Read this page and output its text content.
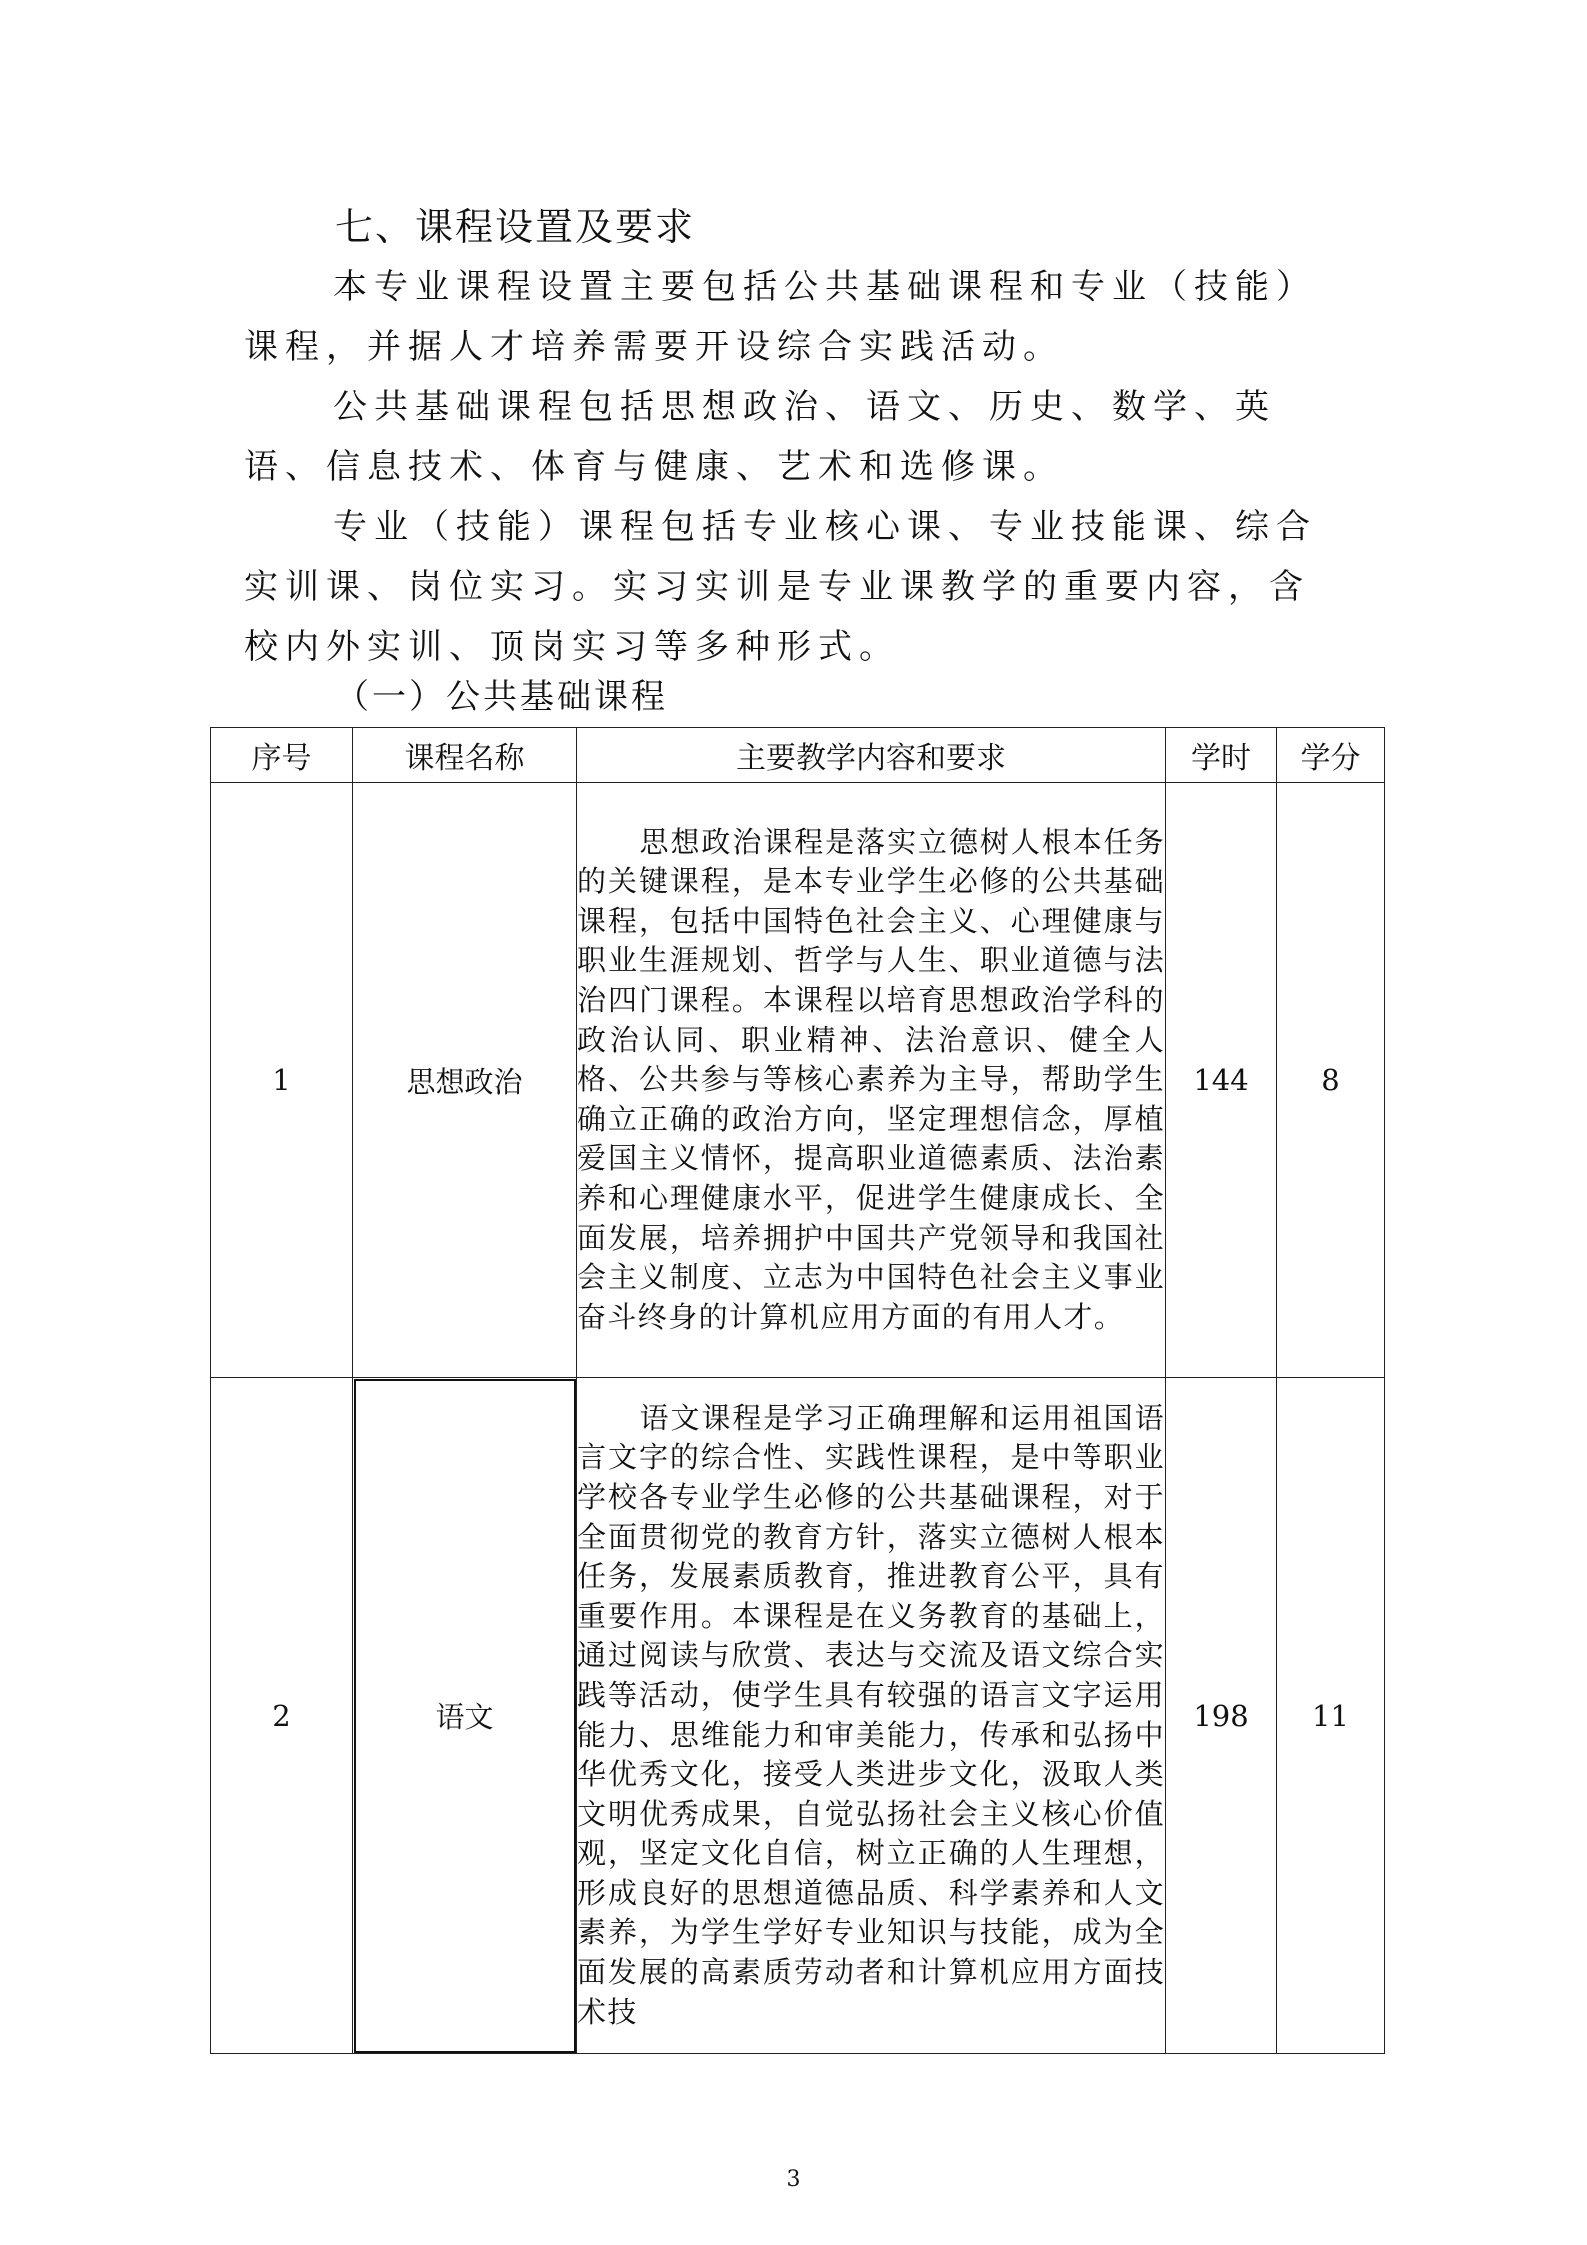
七、课程设置及要求

本专业课程设置主要包括公共基础课程和专业（技能）课程，并据人才培养需要开设综合实践活动。

公共基础课程包括思想政治、语文、历史、数学、英语、信息技术、体育与健康、艺术和选修课。

专业（技能）课程包括专业核心课、专业技能课、综合实训课、岗位实习。实习实训是专业课教学的重要内容，含校内外实训、顶岗实习等多种形式。

（一）公共基础课程
序号	课程名称	主要教学内容和要求	学时	学分
1	思想政治	思想政治课程是落实立德树人根本任务的关键课程，是本专业学生必修的公共基础课程，包括中国特色社会主义、心理健康与职业生涯规划、哲学与人生、职业道德与法治四门课程。本课程以培育思想政治学科的政治认同、职业精神、法治意识、健全人格、公共参与等核心素养为主导，帮助学生确立正确的政治方向，坚定理想信念，厚植爱国主义情怀，提高职业道德素质、法治素养和心理健康水平，促进学生健康成长、全面发展，培养拥护中国共产党领导和我国社会主义制度、立志为中国特色社会主义事业奋斗终身的计算机应用方面的有用人才。	144	8
2	语文	语文课程是学习正确理解和运用祖国语言文字的综合性、实践性课程，是中等职业学校各专业学生必修的公共基础课程，对于全面贯彻党的教育方针，落实立德树人根本任务，发展素质教育，推进教育公平，具有重要作用。本课程是在义务教育的基础上，通过阅读与欣赏、表达与交流及语文综合实践等活动，使学生具有较强的语言文字运用能力、思维能力和审美能力，传承和弘扬中华优秀文化，接受人类进步文化，汲取人类文明优秀成果，自觉弘扬社会主义核心价值观，坚定文化自信，树立正确的人生理想，形成良好的思想道德品质、科学素养和人文素养，为学生学好专业知识与技能，成为全面发展的高素质劳动者和计算机应用方面技术技	198	11
3
